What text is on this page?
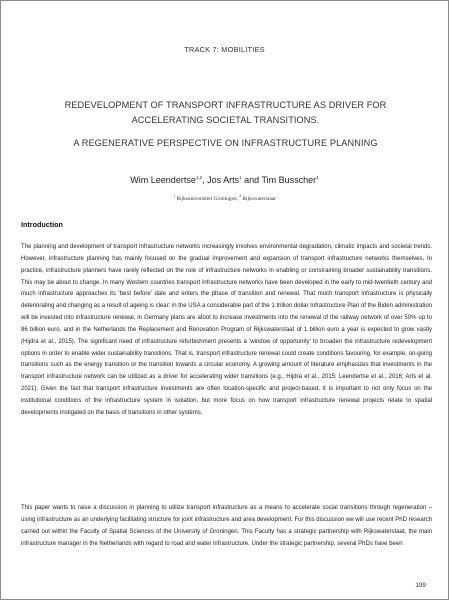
TRACK 7: MOBILITIES
REDEVELOPMENT OF TRANSPORT INFRASTRUCTURE AS DRIVER FOR ACCELERATING SOCIETAL TRANSITIONS.
A REGENERATIVE PERSPECTIVE ON INFRASTRUCTURE PLANNING
Wim Leendertse$^{1,2}$, Jos Arts$^1$ and Tim Busscher$^1$
$^1$ Rijksuniversiteit Groningen, $^2$ Rijkswaterstaat
Introduction

The planning and development of transport infrastructure networks increasingly involves environmental degradation, climatic impacts and societal trends. However, infrastructure planning has mainly focused on the gradual improvement and expansion of transport infrastructure networks themselves. In practice, infrastructure planners have rarely reflected on the role of infrastructure networks in enabling or constraining broader sustainability transitions. This may be about to change. In many Western countries transport infrastructure networks have been developed in the early to mid-twentieth century and much infrastructure approaches its 'best before' date and enters the phase of transition and renewal. That much transport infrastructure is physically deteriorating and changing as a result of ageing is clear: in the USA a considerable part of the 1 trillion dollar Infrastructure Plan of the Biden administration will be invested into infrastructure renewal, in Germany plans are afoot to increase investments into the renewal of the railway network of over 50% up to 86 billion euro, and in the Netherlands the Replacement and Renovation Program of Rijkswaterstaat of 1 billion euro a year is expected to grow vastly (Hijdra et al., 2015). The significant need of infrastructure refurbishment presents a 'window of opportunity' to broaden the infrastructure redevelopment options in order to enable wider sustainability transitions. That is, transport infrastructure renewal could create conditions favouring, for example, on-going transitions such as the energy transition or the transition towards a circular economy. A growing amount of literature emphasizes that investments in the transport infrastructure network can be utilized as a driver for accelerating wider transitions (e.g., Hijdra et al., 2015; Leendertse et al., 2016; Arts et al. 2021). Given the fact that transport infrastructure investments are often location-specific and project-based, it is important to not only focus on the institutional conditions of the infrastructure system in isolation, but more focus on how transport infrastructure renewal projects relate to spatial developments instigated on the basis of transitions in other systems.

This paper wants to raise a discussion in planning to utilize transport infrastructure as a means to accelerate social transitions through regeneration – using infrastructure as an underlying facilitating structure for joint infrastructure and area development. For this discussion we will use recent PhD research carried out within the Faculty of Spatial Sciences of the University of Groningen. This Faculty has a strategic partnership with Rijkswaterstaat, the main infrastructure manager in the Netherlands with regard to road and water infrastructure. Under the strategic partnership, several PhDs have been

199
